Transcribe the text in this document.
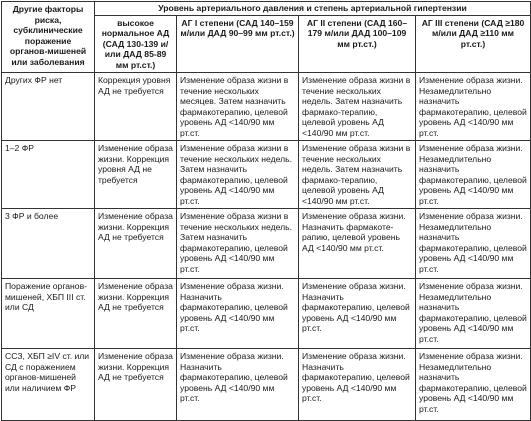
Другие факторы риска, субклинические поражение органов-мишеней или заболевания	Уровень артериального давления и степень артериальной гипертензии			
	высокое нормальное АД (САД 130-139 и/или ДАД 85-89 мм рт.ст.)	АГ I степени (САД 140–159 м/или ДАД 90–99 мм рт.ст.)	АГ II степени (САД 160–179 м/или ДАД 100–109 мм рт.ст.)	АГ III степени (САД ≥180 м/или ДАД ≥110 мм рт.ст.)
Других ФР нет	Коррекция уровня АД не требуется	Изменение образа жизни в течение нескольких месяцев. Затем назначить фармакотерапию, целевой уровень АД <140/90 мм рт.ст.	Изменение образа жизни в течение нескольких недель. Затем назначить фармако-терапию, целевой уровень АД <140/90 мм рт.ст.	Изменение образа жизни. Незамедлительно назначить фармакотерапию, целевой уровень АД <140/90 мм рт.ст.
1–2 ФР	Изменение образа жизни. Коррекция уровня АД не требуется	Изменение образа жизни в течение нескольких недель. Затем назначить фармакотерапию, целевой уровень АД <140/90 мм рт.ст.	Изменение образа жизни в течение нескольких недель. Затем назначить фармако-терапию, целевой уровень АД <140/90 мм рт.ст.	Изменение образа жизни. Незамедлительно назначить фармакотерапию, целевой уровень АД <140/90 мм рт.ст.
3 ФР и более	Изменение образа жизни. Коррекция АД не требуется	Изменение образа жизни в течение нескольких недель. Затем назначить фармакотерапию, целевой уровень АД <140/90 мм рт.ст.	Изменение образа жизни. Назначить фармакоте-рапию, целевой уровень АД <140/90 мм рт.ст.	Изменение образа жизни. Незамедлительно назначить фармакотерапию, целевой уровень АД <140/90 мм рт.ст.
Поражение органов-мишеней, ХБП III ст. или СД	Изменение образа жизни. Коррекция АД не требуется	Изменение образа жизни. Назначить фармакотерапию, целевой уровень АД <140/90 мм рт.ст.	Изменение образа жизни. Назначить фармакотерапию, целевой уровень АД <140/90 мм рт.ст.	Изменение образа жизни. Незамедлительно назначить фармакотерапию, целевой уровень АД <140/90 мм рт.ст.
ССЗ, ХБП ≥IV ст. или СД с поражением органов-мишеней или наличием ФР	Изменение образа жизни. Коррекция АД не требуется	Изменение образа жизни. Назначить фармакотерапию, целевой уровень АД <140/90 мм рт.ст.	Изменение образа жизни. Назначить фармакотерапию, целевой уровень АД <140/90 мм рт.ст.	Изменение образа жизни. Незамедлительно назначить фармакотерапию, целевой уровень АД <140/90 мм рт.ст.
